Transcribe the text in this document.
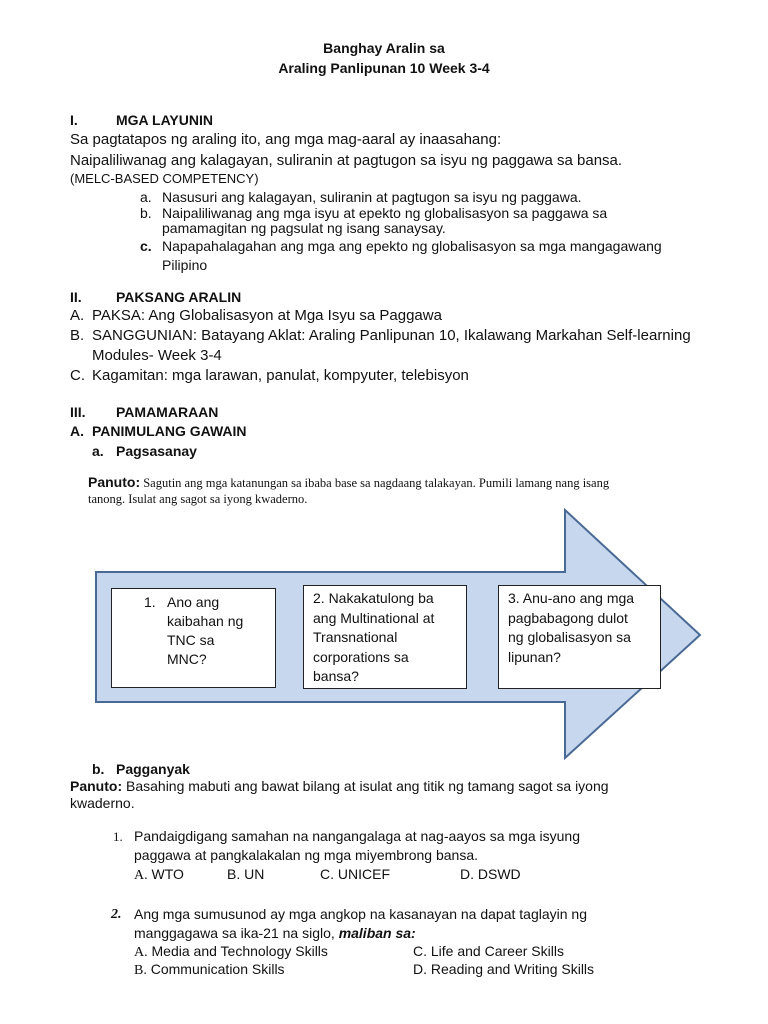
Banghay Aralin sa
Araling Panlipunan 10 Week 3-4
I.	MGA LAYUNIN
Sa pagtatapos ng araling ito, ang mga mag-aaral ay inaasahang:
Naipaliliwanag ang kalagayan, suliranin at pagtugon sa isyu ng paggawa sa bansa.
(MELC-BASED COMPETENCY)
a. Nasusuri ang kalagayan, suliranin at pagtugon sa isyu ng paggawa.
b. Naipaliliwanag ang mga isyu at epekto ng globalisasyon sa paggawa sa
pamamagitan ng pagsulat ng isang sanaysay.
c. Napapahalagahan ang mga ang epekto ng globalisasyon sa mga mangagawang
Pilipino
II. PAKSANG ARALIN
A. PAKSA: Ang Globalisasyon at Mga Isyu sa Paggawa
B. SANGGUNIAN: Batayang Aklat: Araling Panlipunan 10, Ikalawang Markahan Self-learning
Modules- Week 3-4
C. Kagamitan: mga larawan, panulat, kompyuter, telebisyon
III. PAMAMARAAN
A. PANIMULANG GAWAIN
a. Pagsasanay
Panuto: Sagutin ang mga katanungan sa ibaba base sa nagdaang talakayan. Pumili lamang nang isang
tanong. Isulat ang sagot sa iyong kwaderno.
1. Ano ang
kaibahan ng
TNC sa
MNC?
2. Nakakatulong ba
ang Multinational at
Transnational
corporations sa
bansa?
3. Anu-ano ang mga
pagbabagong dulot
ng globalisasyon sa
lipunan?
b. Pagganyak
Panuto: Basahing mabuti ang bawat bilang at isulat ang titik ng tamang sagot sa iyong
kwaderno.
1. Pandaigdigang samahan na nangangalaga at nag-aayos sa mga isyung
paggawa at pangkalakalan ng mga miyembrong bansa.
A. WTO	B. UN	C. UNICEF	D. DSWD
2. Ang mga sumusunod ay mga angkop na kasanayan na dapat taglayin ng
manggagawa sa ika-21 na siglo, maliban sa:
A. Media and Technology Skills	C. Life and Career Skills
B. Communication Skills	D. Reading and Writing Skills
